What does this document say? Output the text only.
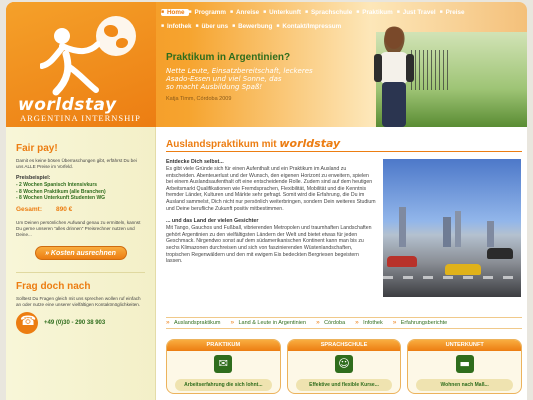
worldstay
ARGENTINA INTERNSHIP
■ Home	■ Programm	■ Anreise	■ Unterkunft	■ Sprachschule	■ Praktikum	■ Just Travel	■ Preise
■ Infothek	■ über uns	■ Bewerbung	■ Kontakt/Impressum
Praktikum in Argentinien?
Nette Leute, Einsatzbereitschaft, leckeres
Asado-Essen und viel Sonne, das
so macht Ausbildung Spaß!
Katja Timm, Córdoba 2009
Fair pay!

Damit es keine bösen Überraschungen gibt, erfährst Du bei uns ALLE Preise im Vorfeld.

Preisbeispiel:
- 2 Wochen Spanisch Intensivkurs
- 8 Wochen Praktikum (alle Branchen)
- 8 Wochen Unterkunft Studenten WG
Gesamt: 890 €

Um Deinen persönlichen Aufwand genau zu ermitteln, kannst Du gerne unseren "alles drinnen" Preisrechner nutzen und Deine...

» Kosten ausrechnen
Frag doch nach

Solltest Du Fragen gleich mit uns sprechen wollen ruf einfach an oder nutze eine unserer vielfältigen Kontaktmöglichkeiten.

☎
+49 (0)30 - 290 38 903
Auslandspraktikum mit worldstay
Entdecke Dich selbst...
Es gibt viele Gründe sich für einen Aufenthalt und ein Praktikum im Ausland zu entscheiden. Abenteuerlust und der Wunsch, den eigenen Horizont zu erweitern, spielen bei einem Auslandsaufenthalt oft eine entscheidende Rolle. Zudem sind auf dem heutigen Arbeitsmarkt Qualifikationen wie Fremdsprachen, Flexibilität, Mobilität und die Kenntnis fremder Länder, Kulturen und Märkte sehr gefragt. Somit wird die Erfahrung, die Du im Ausland sammelst, Dich nicht nur persönlich weiterbringen, sondern Dein weiteres Studium und Deine berufliche Zukunft positiv mitbestimmen.
... und das Land der vielen Gesichter
Mit Tango, Gauchos und Fußball, vibrierenden Metropolen und traumhaften Landschaften gehört Argentinien zu den vielfältigsten Ländern der Welt und bietet etwas für jeden Geschmack. Nirgendwo sonst auf dem südamerikanischen Kontinent kann man bis zu sechs Klimazonen durchreisen und sich von faszinierenden Wüstenlandschaften, tropischen Regenwäldern und den mit ewigem Eis bedeckten Bergriesen begeistern lassen.
» Auslandspraktikum	» Land & Leute in Argentinien	» Córdoba	» Infothek	» Erfahrungsberichte
PRAKTIKUM
✉
Arbeitserfahrung die sich lohnt...
SPRACHSCHULE
☺
Effektive und flexible Kurse...
UNTERKUNFT
▬
Wohnen nach Maß...
